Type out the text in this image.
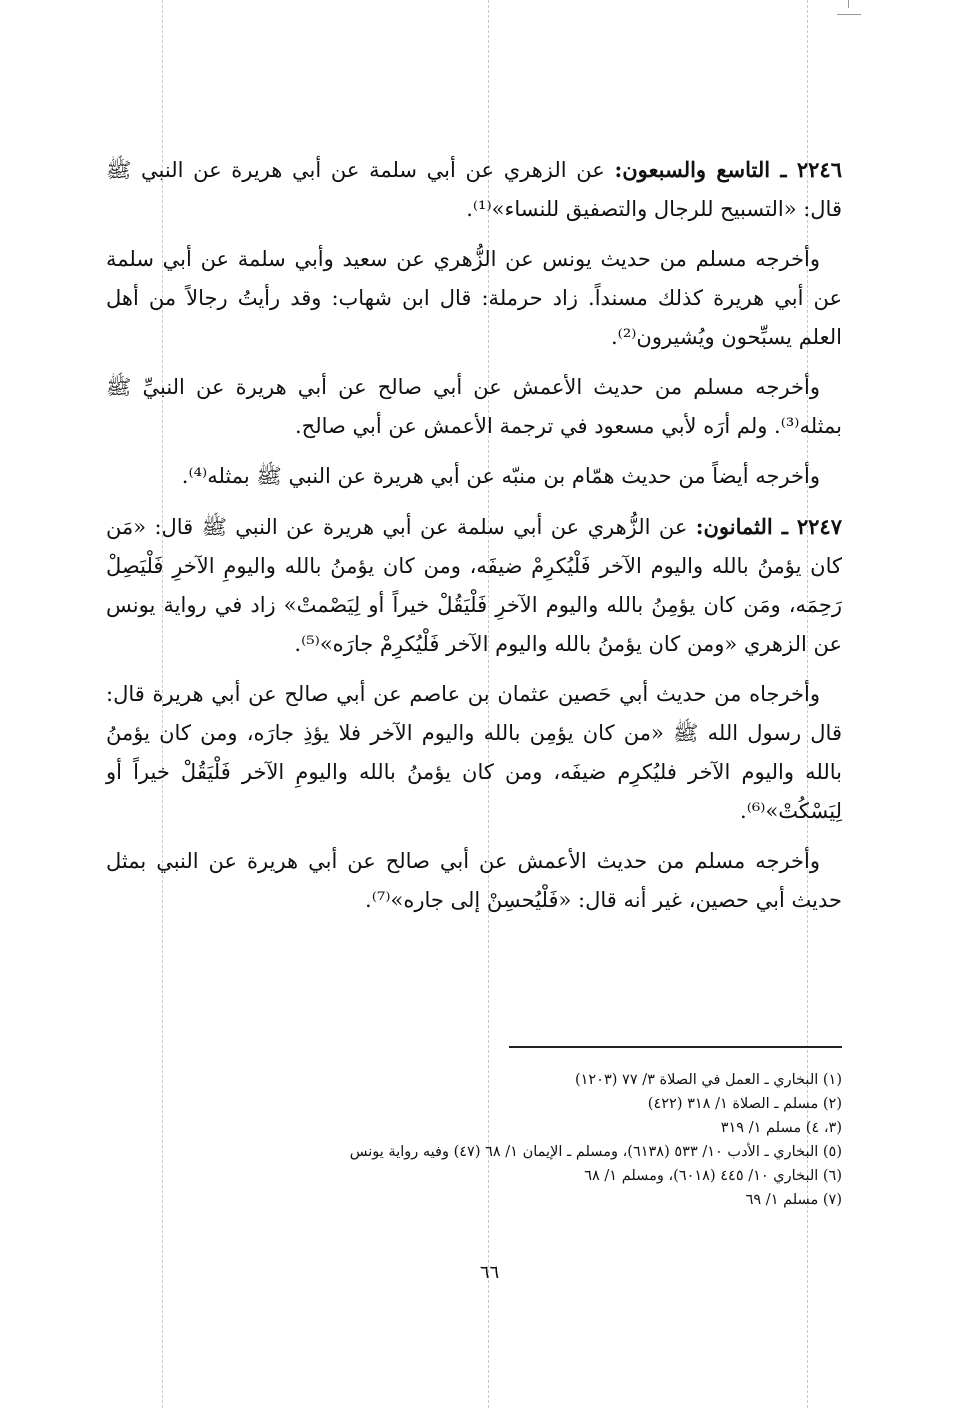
٢٢٤٦ ـ التاسع والسبعون: عن الزهري عن أبي سلمة عن أبي هريرة عن النبي ﷺ قال: «التسبيح للرجال والتصفيق للنساء»⁽¹⁾.

وأخرجه مسلم من حديث يونس عن الزُّهري عن سعيد وأبي سلمة عن أبي سلمة عن أبي هريرة كذلك مسنداً. زاد حرملة: قال ابن شهاب: وقد رأيتُ رجالاً من أهل العلم يسبِّحون ويُشيرون⁽²⁾.

وأخرجه مسلم من حديث الأعمش عن أبي صالح عن أبي هريرة عن النبيِّ ﷺ بمثله⁽³⁾. ولم أرَه لأبي مسعود في ترجمة الأعمش عن أبي صالح.

وأخرجه أيضاً من حديث همّام بن منبّه عن أبي هريرة عن النبي ﷺ بمثله⁽⁴⁾.

٢٢٤٧ ـ الثمانون: عن الزُّهري عن أبي سلمة عن أبي هريرة عن النبي ﷺ قال: «مَن كان يؤمنُ بالله واليوم الآخر فَلْيُكرِمْ ضيفَه، ومن كان يؤمنُ بالله واليومِ الآخرِ فَلْيَصِلْ رَحِمَه، ومَن كان يؤمِنُ بالله واليوم الآخرِ فَلْيَقُلْ خيراً أو لِيَصْمتْ» زاد في رواية يونس عن الزهري «ومن كان يؤمنُ بالله واليوم الآخر فَلْيُكرِمْ جارَه»⁽⁵⁾.

وأخرجاه من حديث أبي حَصين عثمان بن عاصم عن أبي صالح عن أبي هريرة قال: قال رسول الله ﷺ «من كان يؤمِن بالله واليوم الآخر فلا يؤذِ جارَه، ومن كان يؤمنُ بالله واليوم الآخر فليُكرِم ضيفَه، ومن كان يؤمنُ بالله واليومِ الآخر فَلْيَقُلْ خيراً أو لِيَسْكُتْ»⁽⁶⁾.

وأخرجه مسلم من حديث الأعمش عن أبي صالح عن أبي هريرة عن النبي بمثل حديث أبي حصين، غير أنه قال: «فَلْيُحسِنْ إلى جاره»⁽⁷⁾.

(١) البخاري ـ العمل في الصلاة ٣/ ٧٧ (١٢٠٣)
(٢) مسلم ـ الصلاة ١/ ٣١٨ (٤٢٢)
(٣، ٤) مسلم ١/ ٣١٩
(٥) البخاري ـ الأدب ١٠/ ٥٣٣ (٦١٣٨)، ومسلم ـ الإيمان ١/ ٦٨ (٤٧) وفيه رواية يونس
(٦) البخاري ١٠/ ٤٤٥ (٦٠١٨)، ومسلم ١/ ٦٨
(٧) مسلم ١/ ٦٩
٦٦
